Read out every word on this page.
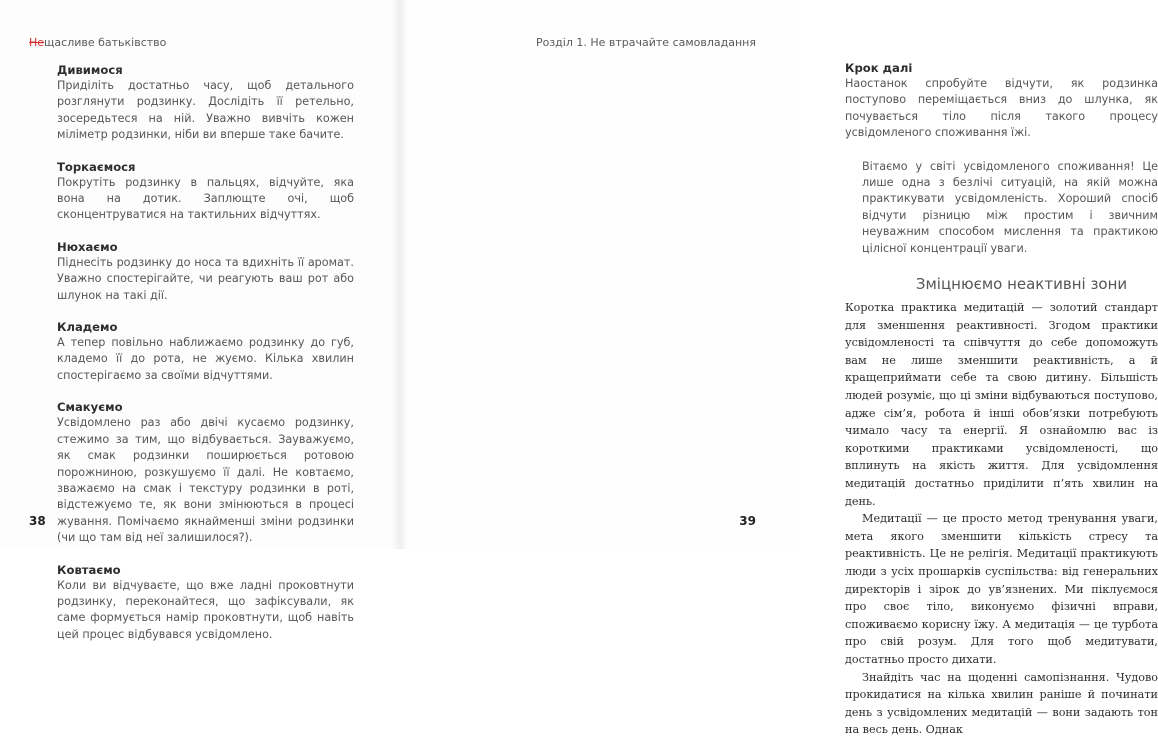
Нещасливе батьківство
Дивимося
Приділіть достатньо часу, щоб детального розглянути родзинку. Дослідіть її ретельно, зосередьтеся на ній. Уважно вивчіть кожен міліметр родзинки, ніби ви вперше таке бачите.
Торкаємося
Покрутіть родзинку в пальцях, відчуйте, яка вона на дотик. Заплющте очі, щоб сконцентруватися на тактильних відчуттях.
Нюхаємо
Піднесіть родзинку до носа та вдихніть її аромат. Уважно спостерігайте, чи реагують ваш рот або шлунок на такі дії.
Кладемо
А тепер повільно наближаємо родзинку до губ, кладемо її до рота, не жуємо. Кілька хвилин спостерігаємо за своїми відчуттями.
Смакуємо
Усвідомлено раз або двічі кусаємо родзинку, стежимо за тим, що відбувається. Зауважуємо, як смак родзинки поширюється ротовою порожниною, розкушуємо її далі. Не ковтаємо, зважаємо на смак і текстуру родзинки в роті, відстежуємо те, як вони змінюються в процесі жування. Помічаємо якнайменші зміни родзинки (чи що там від неї залишилося?).
Ковтаємо
Коли ви відчуваєте, що вже ладні проковтнути родзинку, переконайтеся, що зафіксували, як саме формується намір проковтнути, щоб навіть цей процес відбувався усвідомлено.
38
Розділ 1. Не втрачайте самовладання
Крок далі
Наостанок спробуйте відчути, як родзинка поступово переміщається вниз до шлунка, як почувається тіло після такого процесу усвідомленого споживання їжі.
Вітаємо у світі усвідомленого споживання! Це лише одна з безлічі ситуацій, на якій можна практикувати усвідомленість. Хороший спосіб відчути різницю між простим і звичним неуважним способом мислення та практикою цілісної концентрації уваги.
Зміцнюємо неактивні зони

Коротка практика медитацій — золотий стандарт для зменшення реактивності. Згодом практики усвідомленості та співчуття до себе допоможуть вам не лише зменшити реактивність, а й кращеприймати себе та свою дитину. Більшість людей розуміє, що ці зміни відбуваються поступово, адже сім’я, робота й інші обов’язки потребують чимало часу та енергії. Я ознайомлю вас із короткими практиками усвідомленості, що вплинуть на якість життя. Для усвідомлення медитацій достатньо приділити п’ять хвилин на день.

Медитації — це просто метод тренування уваги, мета якого зменшити кількість стресу та реактивність. Це не релігія. Медитації практикують люди з усіх прошарків суспільства: від генеральних директорів і зірок до ув’язнених. Ми піклуємося про своє тіло, виконуємо фізичні вправи, споживаємо корисну їжу. А медитація — це турбота про свій розум. Для того щоб медитувати, достатньо просто дихати.

Знайдіть час на щоденні самопізнання. Чудово прокидатися на кілька хвилин раніше й починати день з усвідомлених медитацій — вони задають тон на весь день. Однак

39
